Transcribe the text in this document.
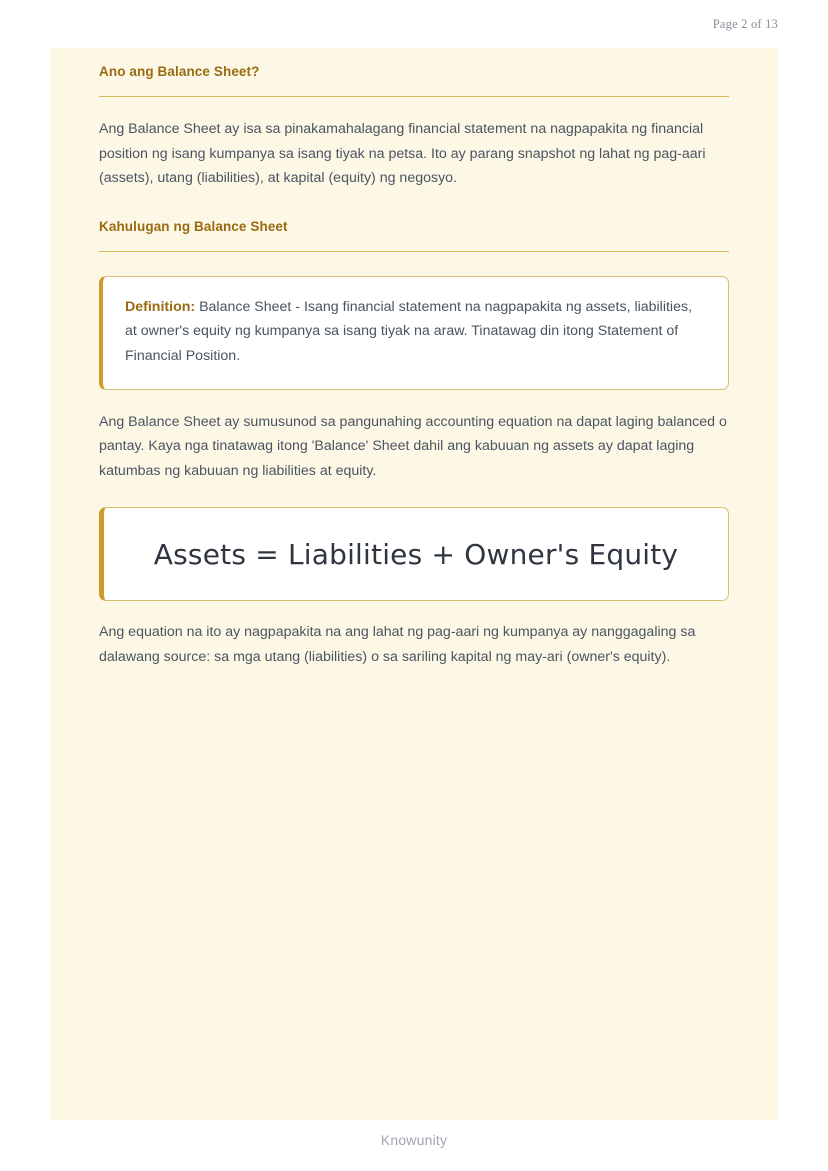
Page 2 of 13
Ano ang Balance Sheet?

Ang Balance Sheet ay isa sa pinakamahalagang financial statement na nagpapakita ng financial position ng isang kumpanya sa isang tiyak na petsa. Ito ay parang snapshot ng lahat ng pag-aari (assets), utang (liabilities), at kapital (equity) ng negosyo.

Kahulugan ng Balance Sheet

Definition: Balance Sheet - Isang financial statement na nagpapakita ng assets, liabilities, at owner's equity ng kumpanya sa isang tiyak na araw. Tinatawag din itong Statement of Financial Position.

Ang Balance Sheet ay sumusunod sa pangunahing accounting equation na dapat laging balanced o pantay. Kaya nga tinatawag itong 'Balance' Sheet dahil ang kabuuan ng assets ay dapat laging katumbas ng kabuuan ng liabilities at equity.

Assets = Liabilities + Owner's Equity

Ang equation na ito ay nagpapakita na ang lahat ng pag-aari ng kumpanya ay nanggagaling sa dalawang source: sa mga utang (liabilities) o sa sariling kapital ng may-ari (owner's equity).

Knowunity
